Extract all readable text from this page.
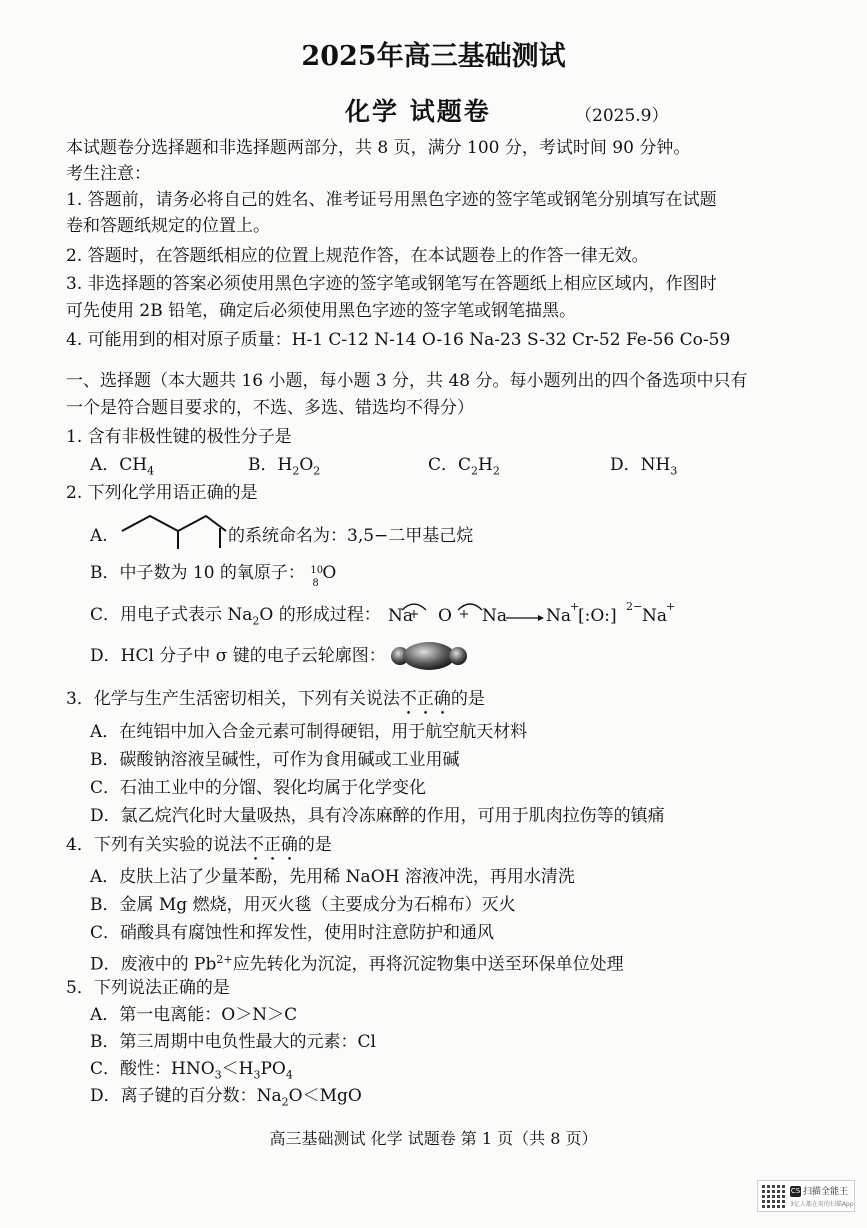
2025年高三基础测试
化学 试题卷	（2025.9）
本试题卷分选择题和非选择题两部分，共 8 页，满分 100 分，考试时间 90 分钟。
考生注意：
1. 答题前，请务必将自己的姓名、准考证号用黑色字迹的签字笔或钢笔分别填写在试题
卷和答题纸规定的位置上。
2. 答题时，在答题纸相应的位置上规范作答，在本试题卷上的作答一律无效。
3. 非选择题的答案必须使用黑色字迹的签字笔或钢笔写在答题纸上相应区域内，作图时
可先使用 2B 铅笔，确定后必须使用黑色字迹的签字笔或钢笔描黑。
4. 可能用到的相对原子质量：H-1 C-12 N-14 O-16 Na-23 S-32 Cr-52 Fe-56 Co-59
一、选择题（本大题共 16 小题，每小题 3 分，共 48 分。每小题列出的四个备选项中只有
一个是符合题目要求的，不选、多选、错选均不得分）
1. 含有非极性键的极性分子是
A．$CH_4$	B．$H_2O_2$	C．$C_2H_2$	D．$NH_3$
2. 下列化学用语正确的是
A.	的系统命名为：3,5−二甲基己烷
B．中子数为 10 的氧原子： 10
8
O
C．用电子式表示 $Na_2O$ 的形成过程： Na O Na Na
+
[:O:] 2− Na
+
D．HCl 分子中 σ 键的电子云轮廓图：
3．化学与生产生活密切相关，下列有关说法不正确的是
A．在纯铝中加入合金元素可制得硬铝，用于航空航天材料
B．碳酸钠溶液呈碱性，可作为食用碱或工业用碱
C．石油工业中的分馏、裂化均属于化学变化
D．氯乙烷汽化时大量吸热，具有冷冻麻醉的作用，可用于肌肉拉伤等的镇痛
4．下列有关实验的说法不正确的是
A．皮肤上沾了少量苯酚，先用稀 NaOH 溶液冲洗，再用水清洗
B．金属 Mg 燃烧，用灭火毯（主要成分为石棉布）灭火
C．硝酸具有腐蚀性和挥发性，使用时注意防护和通风
D．废液中的 $Pb^{2+}$应先转化为沉淀，再将沉淀物集中送至环保单位处理
5．下列说法正确的是
A．第一电离能：O＞N＞C
B．第三周期中电负性最大的元素：Cl
C．酸性：$HNO_3<H_3PO_4$
D．离子键的百分数：$Na_2O<MgO$
高三基础测试 化学 试题卷 第 1 页（共 8 页）
CS 扫描全能王
3亿人都在用的扫描App
